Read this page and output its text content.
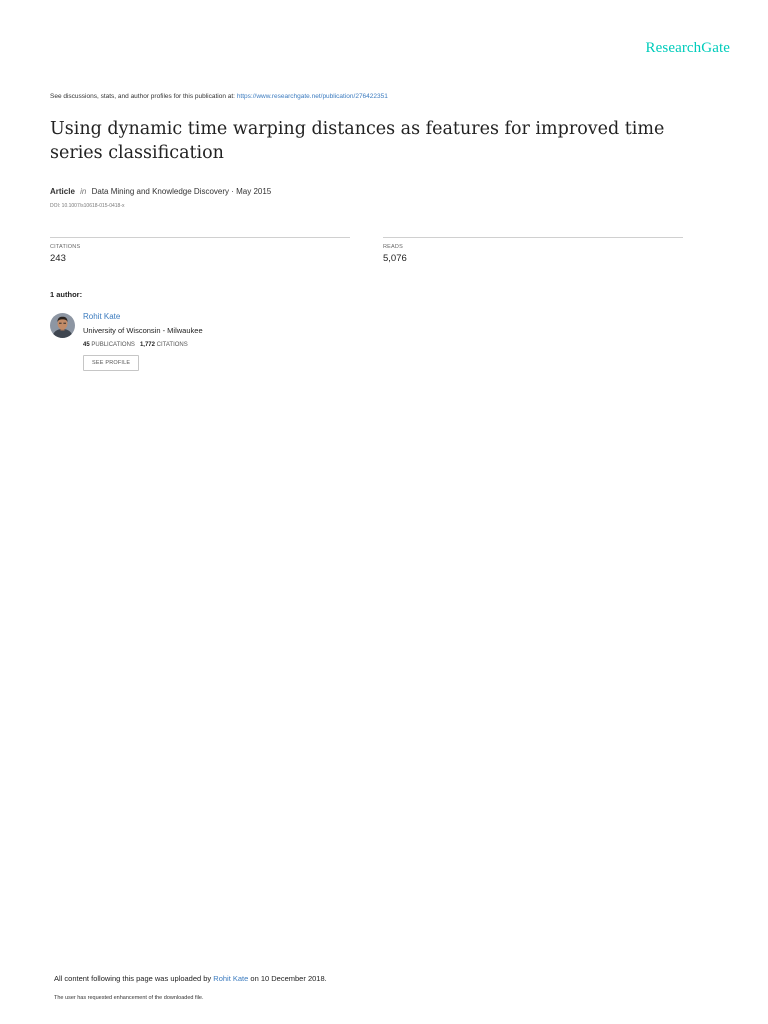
ResearchGate
See discussions, stats, and author profiles for this publication at: https://www.researchgate.net/publication/276422351
Using dynamic time warping distances as features for improved time series classification
Article in Data Mining and Knowledge Discovery · May 2015
DOI: 10.1007/s10618-015-0418-x
CITATIONS
243
READS
5,076
1 author:
Rohit Kate
University of Wisconsin - Milwaukee
45 PUBLICATIONS 1,772 CITATIONS
SEE PROFILE
All content following this page was uploaded by Rohit Kate on 10 December 2018.
The user has requested enhancement of the downloaded file.
